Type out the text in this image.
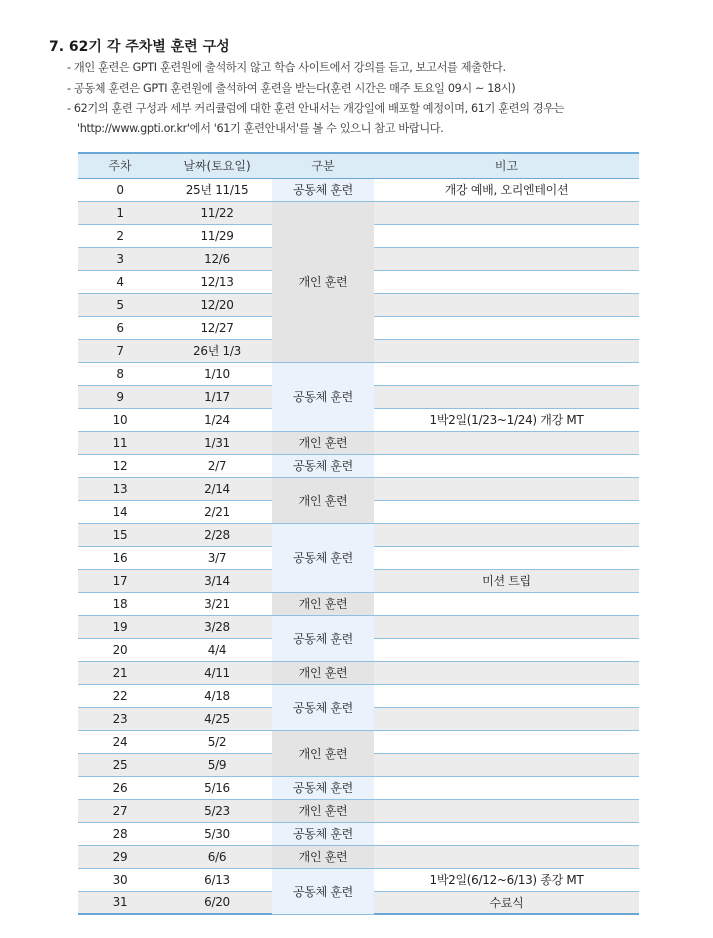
7. 62기 각 주차별 훈련 구성
- 개인 훈련은 GPTI 훈련원에 출석하지 않고 학습 사이트에서 강의를 듣고, 보고서를 제출한다.
- 공동체 훈련은 GPTI 훈련원에 출석하여 훈련을 받는다(훈련 시간은 매주 토요일 09시 ~ 18시)
- 62기의 훈련 구성과 세부 커리큘럼에 대한 훈련 안내서는 개강일에 배포할 예정이며, 61기 훈련의 경우는
'http://www.gpti.or.kr'에서 '61기 훈련안내서'를 볼 수 있으니 참고 바랍니다.
주차	날짜(토요일)	구분	비고
0	25년 11/15	공동체 훈련	개강 예배, 오리엔테이션
1	11/22	개인 훈련	
2	11/29		
3	12/6		
4	12/13		
5	12/20		
6	12/27		
7	26년 1/3		
8	1/10	공동체 훈련	
9	1/17		
10	1/24		1박2일(1/23~1/24) 개강 MT
11	1/31	개인 훈련	
12	2/7	공동체 훈련	
13	2/14	개인 훈련	
14	2/21		
15	2/28	공동체 훈련	
16	3/7		
17	3/14		미션 트립
18	3/21	개인 훈련	
19	3/28	공동체 훈련	
20	4/4		
21	4/11	개인 훈련	
22	4/18	공동체 훈련	
23	4/25		
24	5/2	개인 훈련	
25	5/9		
26	5/16	공동체 훈련	
27	5/23	개인 훈련	
28	5/30	공동체 훈련	
29	6/6	개인 훈련	
30	6/13	공동체 훈련	1박2일(6/12~6/13) 종강 MT
31	6/20		수료식
